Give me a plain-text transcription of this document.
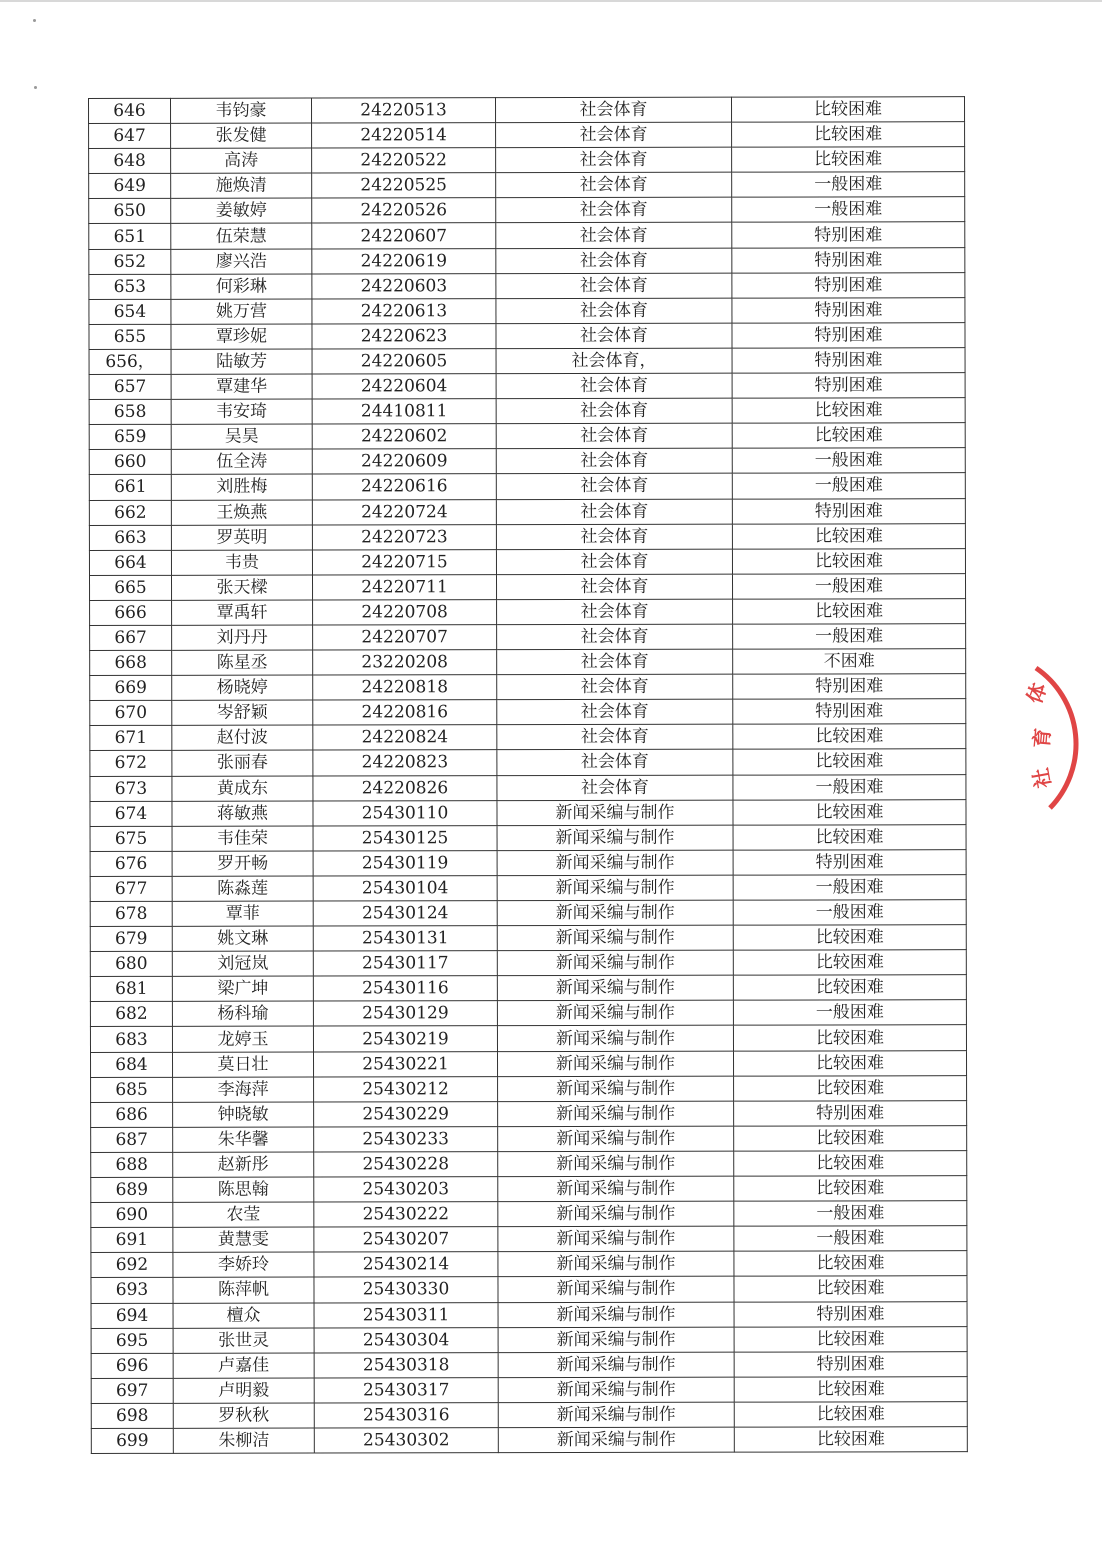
646	韦钧豪	24220513	社会体育	比较困难
647	张发健	24220514	社会体育	比较困难
648	高涛	24220522	社会体育	比较困难
649	施焕清	24220525	社会体育	一般困难
650	姜敏婷	24220526	社会体育	一般困难
651	伍荣慧	24220607	社会体育	特别困难
652	廖兴浩	24220619	社会体育	特别困难
653	何彩琳	24220603	社会体育	特别困难
654	姚万营	24220613	社会体育	特别困难
655	覃珍妮	24220623	社会体育	特别困难
656，	陆敏芳	24220605	社会体育，	特别困难
657	覃建华	24220604	社会体育	特别困难
658	韦安琦	24410811	社会体育	比较困难
659	吴昊	24220602	社会体育	比较困难
660	伍全涛	24220609	社会体育	一般困难
661	刘胜梅	24220616	社会体育	一般困难
662	王焕燕	24220724	社会体育	特别困难
663	罗英明	24220723	社会体育	比较困难
664	韦贵	24220715	社会体育	比较困难
665	张天樑	24220711	社会体育	一般困难
666	覃禹轩	24220708	社会体育	比较困难
667	刘丹丹	24220707	社会体育	一般困难
668	陈星丞	23220208	社会体育	不困难
669	杨晓婷	24220818	社会体育	特别困难
670	岑舒颖	24220816	社会体育	特别困难
671	赵付波	24220824	社会体育	比较困难
672	张丽春	24220823	社会体育	比较困难
673	黄成东	24220826	社会体育	一般困难
674	蒋敏燕	25430110	新闻采编与制作	比较困难
675	韦佳荣	25430125	新闻采编与制作	比较困难
676	罗开畅	25430119	新闻采编与制作	特别困难
677	陈淼莲	25430104	新闻采编与制作	一般困难
678	覃菲	25430124	新闻采编与制作	一般困难
679	姚文琳	25430131	新闻采编与制作	比较困难
680	刘冠岚	25430117	新闻采编与制作	比较困难
681	梁广坤	25430116	新闻采编与制作	比较困难
682	杨科瑜	25430129	新闻采编与制作	一般困难
683	龙婷玉	25430219	新闻采编与制作	比较困难
684	莫日壮	25430221	新闻采编与制作	比较困难
685	李海萍	25430212	新闻采编与制作	比较困难
686	钟晓敏	25430229	新闻采编与制作	特别困难
687	朱华馨	25430233	新闻采编与制作	比较困难
688	赵新彤	25430228	新闻采编与制作	比较困难
689	陈思翰	25430203	新闻采编与制作	比较困难
690	农莹	25430222	新闻采编与制作	一般困难
691	黄慧雯	25430207	新闻采编与制作	一般困难
692	李娇玲	25430214	新闻采编与制作	比较困难
693	陈萍帆	25430330	新闻采编与制作	比较困难
694	檀众	25430311	新闻采编与制作	特别困难
695	张世灵	25430304	新闻采编与制作	比较困难
696	卢嘉佳	25430318	新闻采编与制作	特别困难
697	卢明毅	25430317	新闻采编与制作	比较困难
698	罗秋秋	25430316	新闻采编与制作	比较困难
699	朱柳洁	25430302	新闻采编与制作	比较困难
体
育
社
